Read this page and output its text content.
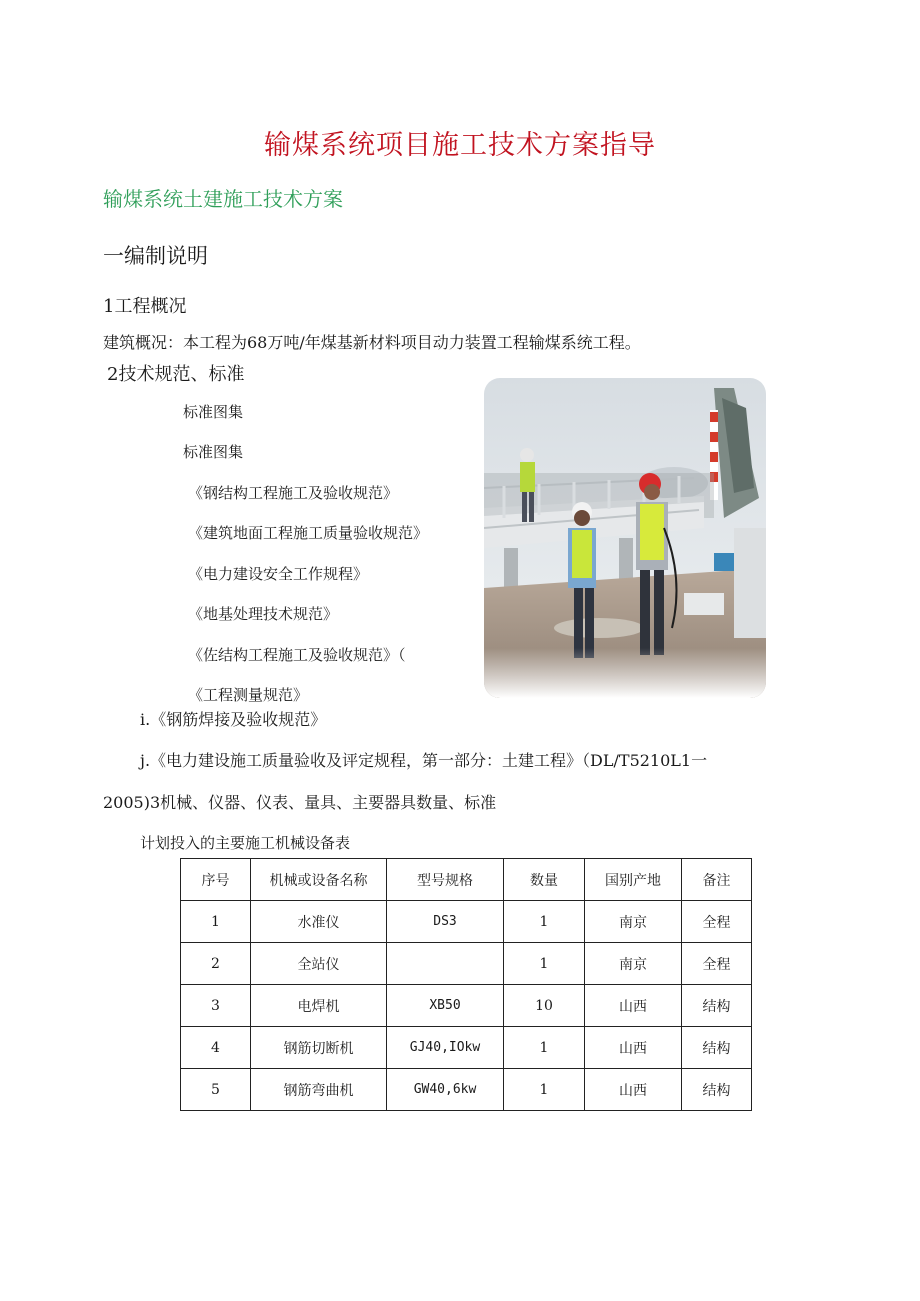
输煤系统项目施工技术方案指导
输煤系统土建施工技术方案
一编制说明
1工程概况
建筑概况：本工程为68万吨/年煤基新材料项目动力装置工程输煤系统工程。
2技术规范、标准
标准图集
标准图集
《钢结构工程施工及验收规范》
《建筑地面工程施工质量验收规范》
《电力建设安全工作规程》
《地基处理技术规范》
《佐结构工程施工及验收规范》（
《工程测量规范》
i.《钢筋焊接及验收规范》
j.《电力建设施工质量验收及评定规程，第一部分：土建工程》（DL/T5210L1一
2005)3机械、仪器、仪表、量具、主要器具数量、标准
计划投入的主要施工机械设备表
序号	机械或设备名称	型号规格	数量	国别产地	备注
1	水准仪	DS3	1	南京	全程
2	全站仪		1	南京	全程
3	电焊机	XB50	10	山西	结构
4	钢筋切断机	GJ40,IOkw	1	山西	结构
5	钢筋弯曲机	GW40,6kw	1	山西	结构
